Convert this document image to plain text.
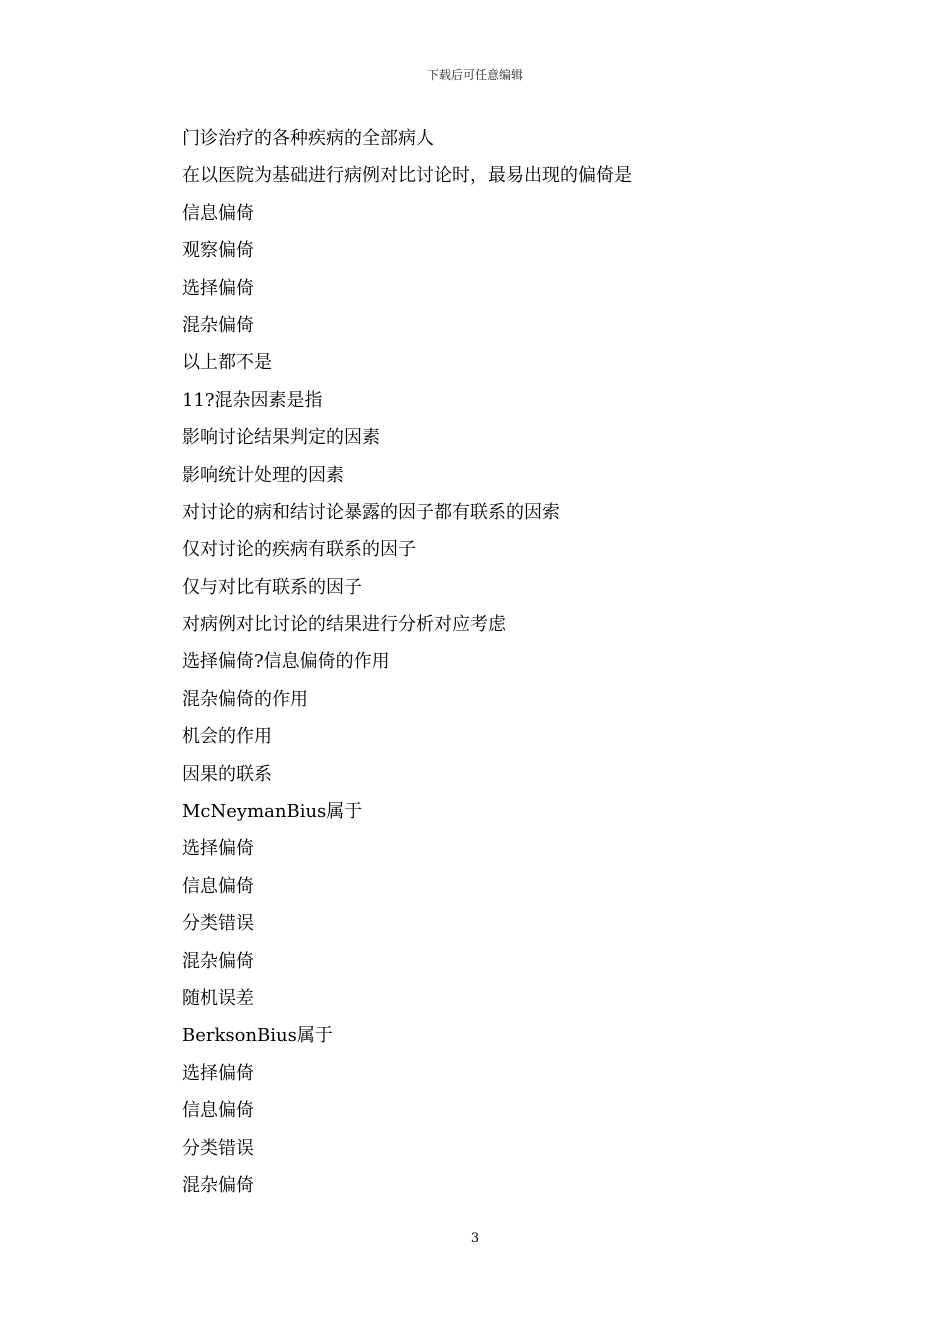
下载后可任意编辑
门诊治疗的各种疾病的全部病人
在以医院为基础进行病例对比讨论时，最易出现的偏倚是
信息偏倚
观察偏倚
选择偏倚
混杂偏倚
以上都不是
11?混杂因素是指
影响讨论结果判定的因素
影响统计处理的因素
对讨论的病和结讨论暴露的因子都有联系的因索
仅对讨论的疾病有联系的因子
仅与对比有联系的因子
对病例对比讨论的结果进行分析对应考虑
选择偏倚?信息偏倚的作用
混杂偏倚的作用
机会的作用
因果的联系
McNeymanBius属于
选择偏倚
信息偏倚
分类错误
混杂偏倚
随机误差
BerksonBius属于
选择偏倚
信息偏倚
分类错误
混杂偏倚
3
